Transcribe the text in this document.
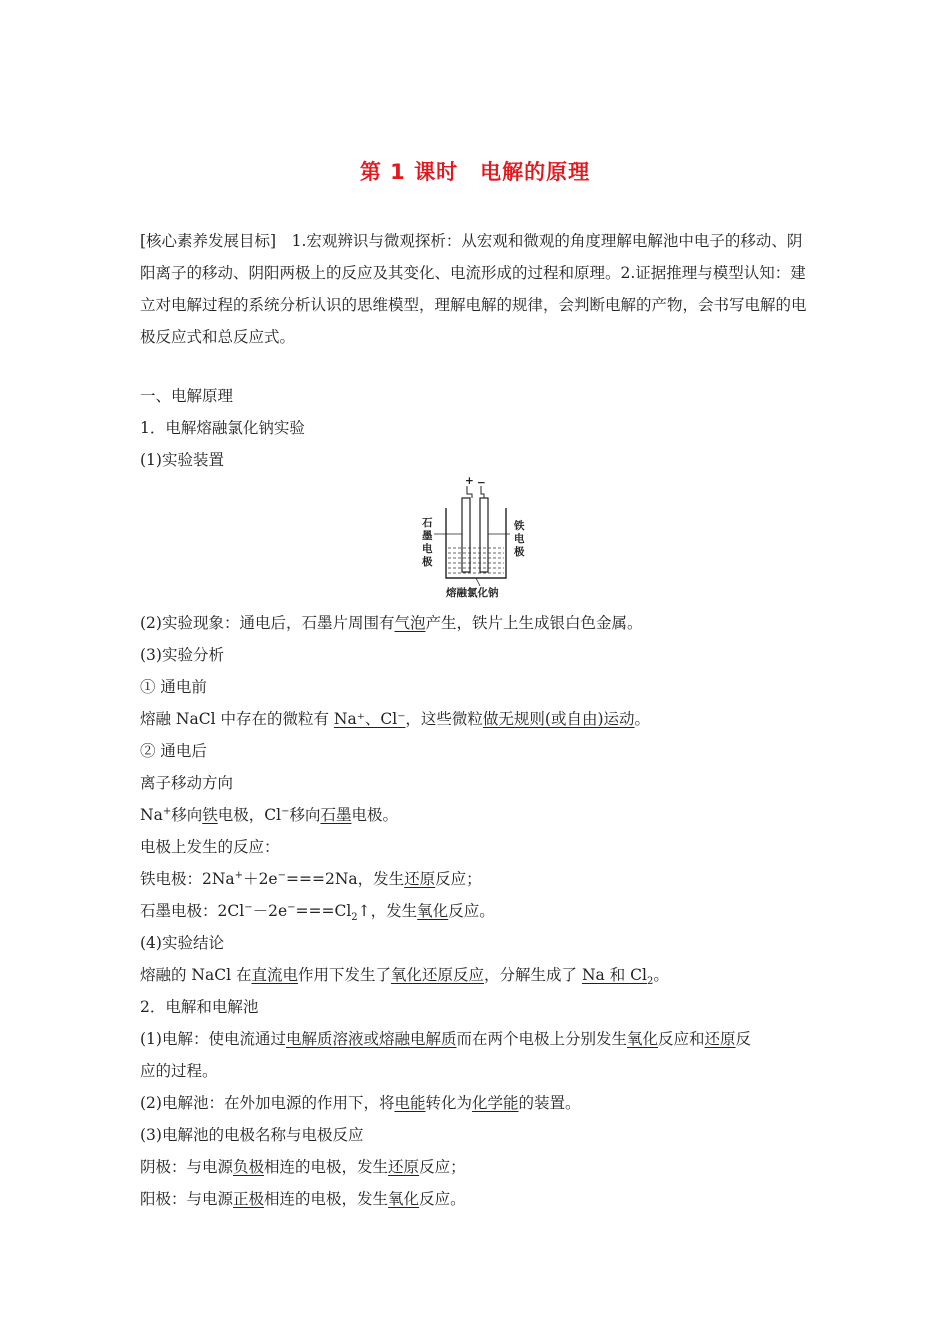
第 1 课时 电解的原理
[核心素养发展目标]　1.宏观辨识与微观探析：从宏观和微观的角度理解电解池中电子的移动、阴阳离子的移动、阴阳两极上的反应及其变化、电流形成的过程和原理。2.证据推理与模型认知：建立对电解过程的系统分析认识的思维模型，理解电解的规律，会判断电解的产物，会书写电解的电极反应式和总反应式。
一、电解原理
1．电解熔融氯化钠实验
(1)实验装置
+ −
石
墨
电
极
铁
电
极
熔融氯化钠
(2)实验现象：通电后，石墨片周围有气泡产生，铁片上生成银白色金属。
(3)实验分析
① 通电前
熔融 NaCl 中存在的微粒有 Na⁺、Cl⁻，这些微粒做无规则(或自由)运动。
② 通电后
离子移动方向
Na+移向铁电极，Cl−移向石墨电极。
电极上发生的反应：
铁电极：2Na+＋2e−===2Na，发生还原反应；
石墨电极：$2Cl^--2e^-===Cl_2↑$，发生氧化反应。
(4)实验结论
熔融的 NaCl 在直流电作用下发生了氧化还原反应，分解生成了 Na 和 $Cl_2$。
2．电解和电解池
(1)电解：使电流通过电解质溶液或熔融电解质而在两个电极上分别发生氧化反应和还原反
应的过程。
(2)电解池：在外加电源的作用下，将电能转化为化学能的装置。
(3)电解池的电极名称与电极反应
阴极：与电源负极相连的电极，发生还原反应；
阳极：与电源正极相连的电极，发生氧化反应。
